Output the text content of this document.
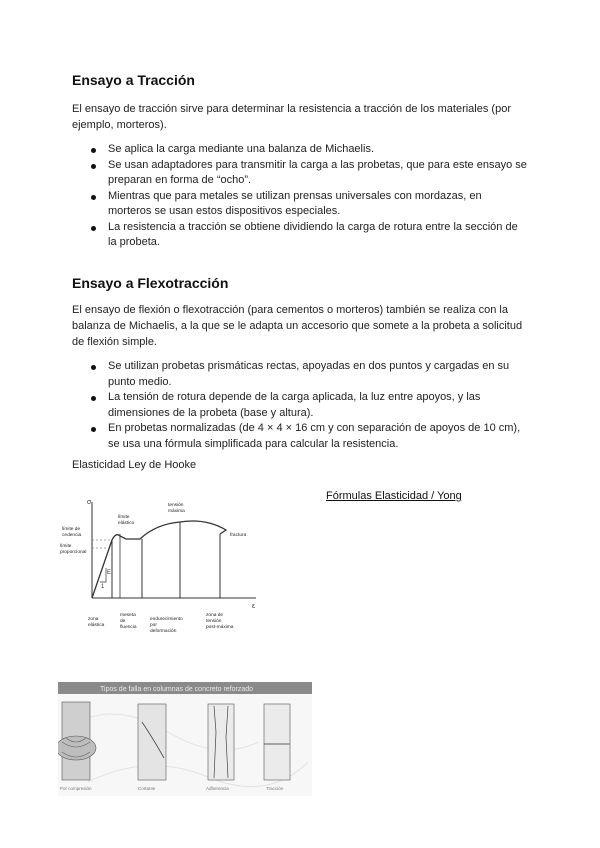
Ensayo a Tracción

El ensayo de tracción sirve para determinar la resistencia a tracción de los materiales (por ejemplo, morteros).

Se aplica la carga mediante una balanza de Michaelis.
Se usan adaptadores para transmitir la carga a las probetas, que para este ensayo se preparan en forma de “ocho”.
Mientras que para metales se utilizan prensas universales con mordazas, en morteros se usan estos dispositivos especiales.
La resistencia a tracción se obtiene dividiendo la carga de rotura entre la sección de la probeta.
Ensayo a Flexotracción

El ensayo de flexión o flexotracción (para cementos o morteros) también se realiza con la balanza de Michaelis, a la que se le adapta un accesorio que somete a la probeta a solicitud de flexión simple.

Se utilizan probetas prismáticas rectas, apoyadas en dos puntos y cargadas en su punto medio.
La tensión de rotura depende de la carga aplicada, la luz entre apoyos, y las dimensiones de la probeta (base y altura).
En probetas normalizadas (de 4 × 4 × 16 cm y con separación de apoyos de 10 cm), se usa una fórmula simplificada para calcular la resistencia.
Elasticidad Ley de Hooke
Fórmulas Elasticidad / Yong
σ
ε
E
1
límite
elástico
límite de
cedencia
límite
proporcional
tensión
máxima
fractura
zona
elástica
meseta
de
fluencia
endurecimiento
por
deformación
zona de
tensión
post-máxima
Tipos de falla en columnas de concreto reforzado
Por compresión	Cortante	Adherencia	Tracción
